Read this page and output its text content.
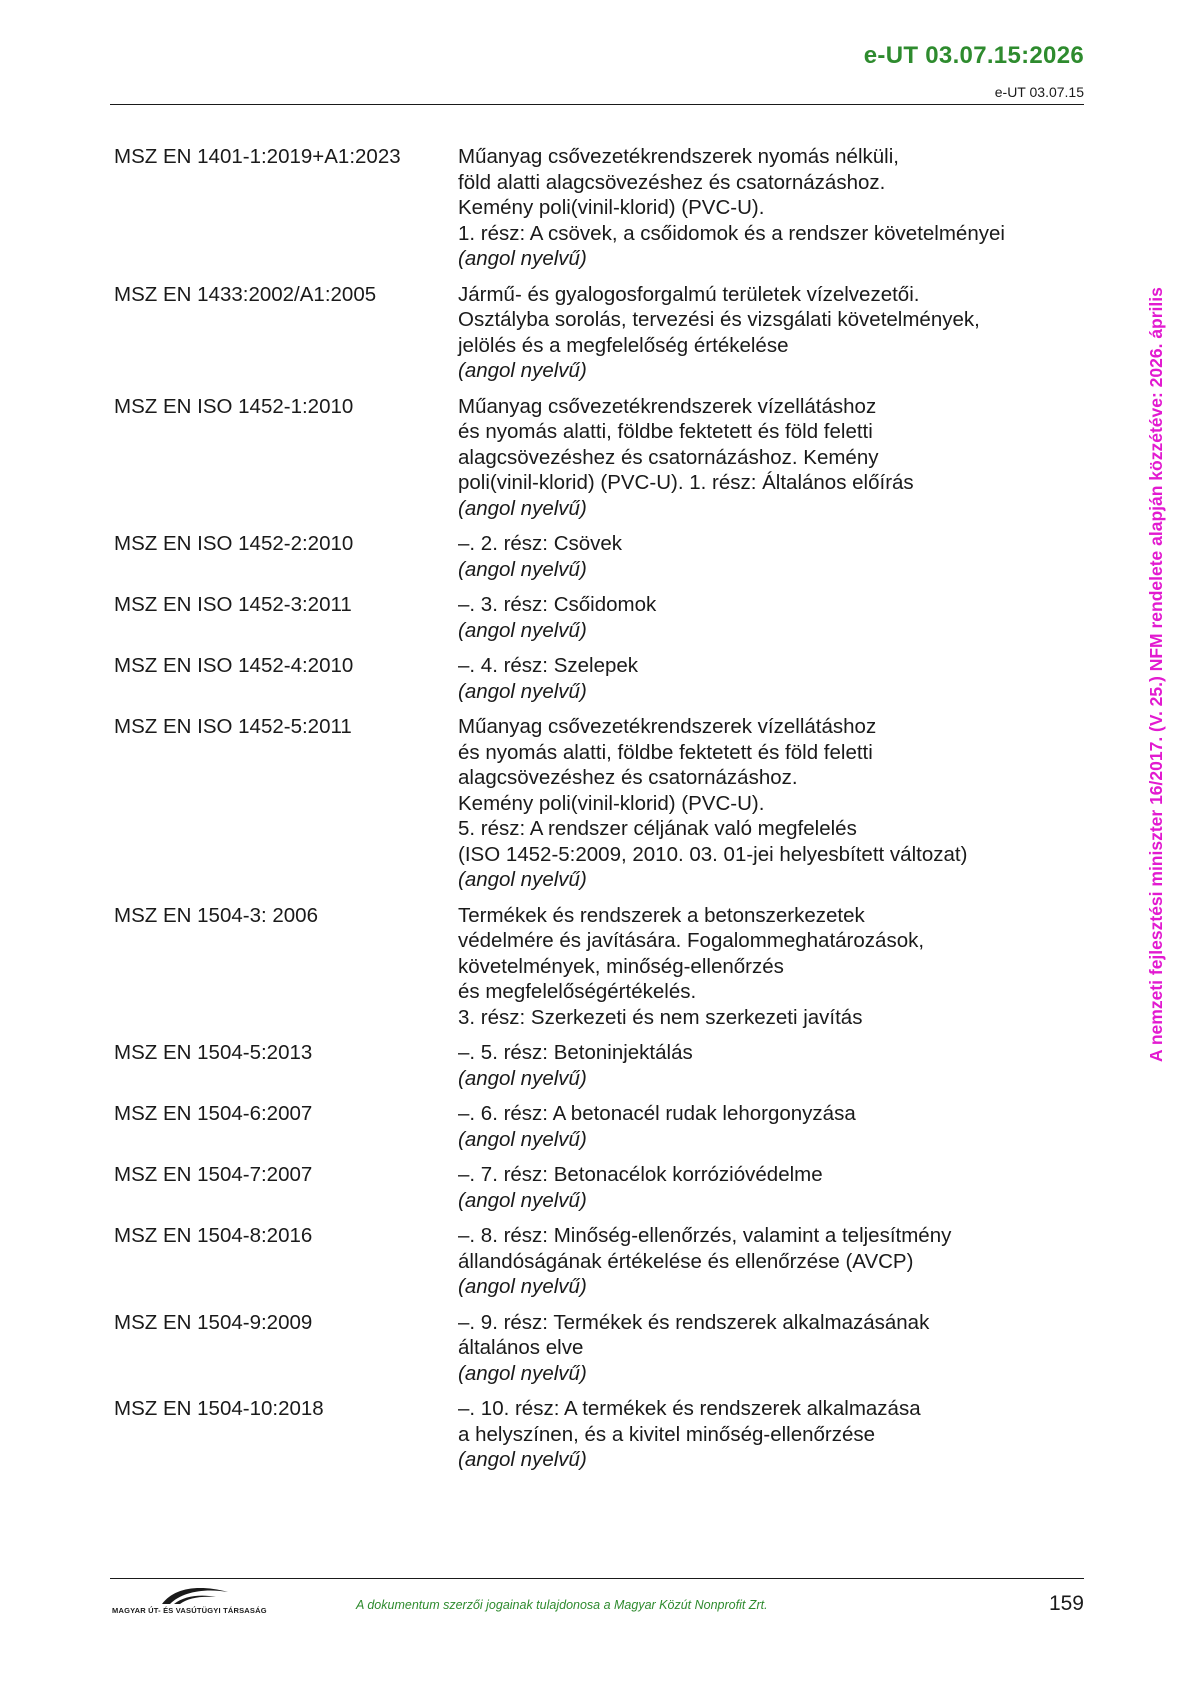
e-UT 03.07.15:2026
e-UT 03.07.15
MSZ EN 1401-1:2019+A1:2023	Műanyag csővezetékrendszerek nyomás nélküli,
föld alatti alagcsövezéshez és csatornázáshoz.
Kemény poli(vinil-klorid) (PVC-U).
1. rész: A csövek, a csőidomok és a rendszer követelményei
(angol nyelvű)
MSZ EN 1433:2002/A1:2005	Jármű- és gyalogosforgalmú területek vízelvezetői.
Osztályba sorolás, tervezési és vizsgálati követelmények,
jelölés és a megfelelőség értékelése
(angol nyelvű)
MSZ EN ISO 1452-1:2010	Műanyag csővezetékrendszerek vízellátáshoz
és nyomás alatti, földbe fektetett és föld feletti
alagcsövezéshez és csatornázáshoz. Kemény
poli(vinil-klorid) (PVC-U). 1. rész: Általános előírás
(angol nyelvű)
MSZ EN ISO 1452-2:2010	–. 2. rész: Csövek
(angol nyelvű)
MSZ EN ISO 1452-3:2011	–. 3. rész: Csőidomok
(angol nyelvű)
MSZ EN ISO 1452-4:2010	–. 4. rész: Szelepek
(angol nyelvű)
MSZ EN ISO 1452-5:2011	Műanyag csővezetékrendszerek vízellátáshoz
és nyomás alatti, földbe fektetett és föld feletti
alagcsövezéshez és csatornázáshoz.
Kemény poli(vinil-klorid) (PVC-U).
5. rész: A rendszer céljának való megfelelés
(ISO 1452-5:2009, 2010. 03. 01-jei helyesbített változat)
(angol nyelvű)
MSZ EN 1504-3: 2006	Termékek és rendszerek a betonszerkezetek
védelmére és javítására. Fogalommeghatározások,
követelmények, minőség-ellenőrzés
és megfelelőségértékelés.
3. rész: Szerkezeti és nem szerkezeti javítás
MSZ EN 1504-5:2013	–. 5. rész: Betoninjektálás
(angol nyelvű)
MSZ EN 1504-6:2007	–. 6. rész: A betonacél rudak lehorgonyzása
(angol nyelvű)
MSZ EN 1504-7:2007	–. 7. rész: Betonacélok korrózióvédelme
(angol nyelvű)
MSZ EN 1504-8:2016	–. 8. rész: Minőség-ellenőrzés, valamint a teljesítmény
állandóságának értékelése és ellenőrzése (AVCP)
(angol nyelvű)
MSZ EN 1504-9:2009	–. 9. rész: Termékek és rendszerek alkalmazásának
általános elve
(angol nyelvű)
MSZ EN 1504-10:2018	–. 10. rész: A termékek és rendszerek alkalmazása
a helyszínen, és a kivitel minőség-ellenőrzése
(angol nyelvű)
A nemzeti fejlesztési miniszter 16/2017. (V. 25.) NFM rendelete alapján közzétéve: 2026. április
MAGYAR ÚT- ÉS VASÚTÜGYI TÁRSASÁG	A dokumentum szerzői jogainak tulajdonosa a Magyar Közút Nonprofit Zrt.	159
